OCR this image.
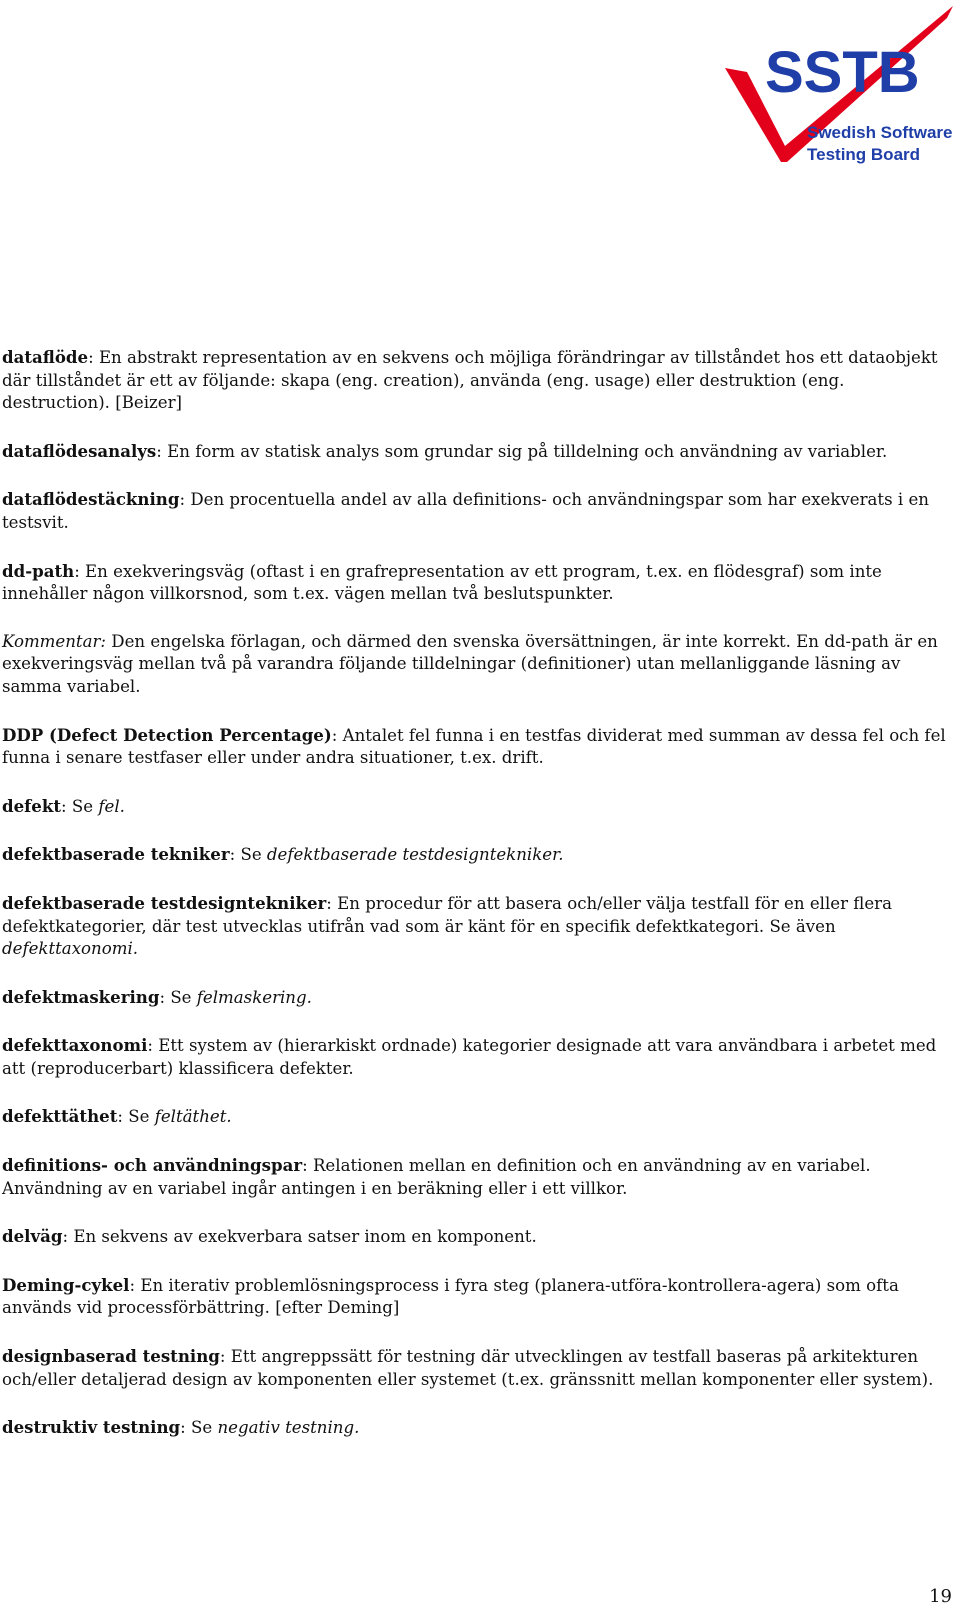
SSTB
Swedish Software
Testing Board

dataflöde: En abstrakt representation av en sekvens och möjliga förändringar av tillståndet hos ett dataobjekt där tillståndet är ett av följande: skapa (eng. creation), använda (eng. usage) eller destruktion (eng. destruction). [Beizer]

dataflödesanalys: En form av statisk analys som grundar sig på tilldelning och användning av variabler.

dataflödestäckning: Den procentuella andel av alla definitions- och användningspar som har exekverats i en testsvit.

dd-path: En exekveringsväg (oftast i en grafrepresentation av ett program, t.ex. en flödesgraf) som inte innehåller någon villkorsnod, som t.ex. vägen mellan två beslutspunkter.

Kommentar: Den engelska förlagan, och därmed den svenska översättningen, är inte korrekt. En dd-path är en exekveringsväg mellan två på varandra följande tilldelningar (definitioner) utan mellanliggande läsning av samma variabel.

DDP (Defect Detection Percentage): Antalet fel funna i en testfas dividerat med summan av dessa fel och fel funna i senare testfaser eller under andra situationer, t.ex. drift.

defekt: Se fel.

defektbaserade tekniker: Se defektbaserade testdesigntekniker.

defektbaserade testdesigntekniker: En procedur för att basera och/eller välja testfall för en eller flera defektkategorier, där test utvecklas utifrån vad som är känt för en specifik defektkategori. Se även defekttaxonomi.

defektmaskering: Se felmaskering.

defekttaxonomi: Ett system av (hierarkiskt ordnade) kategorier designade att vara användbara i arbetet med att (reproducerbart) klassificera defekter.

defekttäthet: Se feltäthet.

definitions- och användningspar: Relationen mellan en definition och en användning av en variabel. Användning av en variabel ingår antingen i en beräkning eller i ett villkor.

delväg: En sekvens av exekverbara satser inom en komponent.

Deming-cykel: En iterativ problemlösningsprocess i fyra steg (planera-utföra-kontrollera-agera) som ofta används vid processförbättring. [efter Deming]

designbaserad testning: Ett angreppssätt för testning där utvecklingen av testfall baseras på arkitekturen och/eller detaljerad design av komponenten eller systemet (t.ex. gränssnitt mellan komponenter eller system).

destruktiv testning: Se negativ testning.

19
